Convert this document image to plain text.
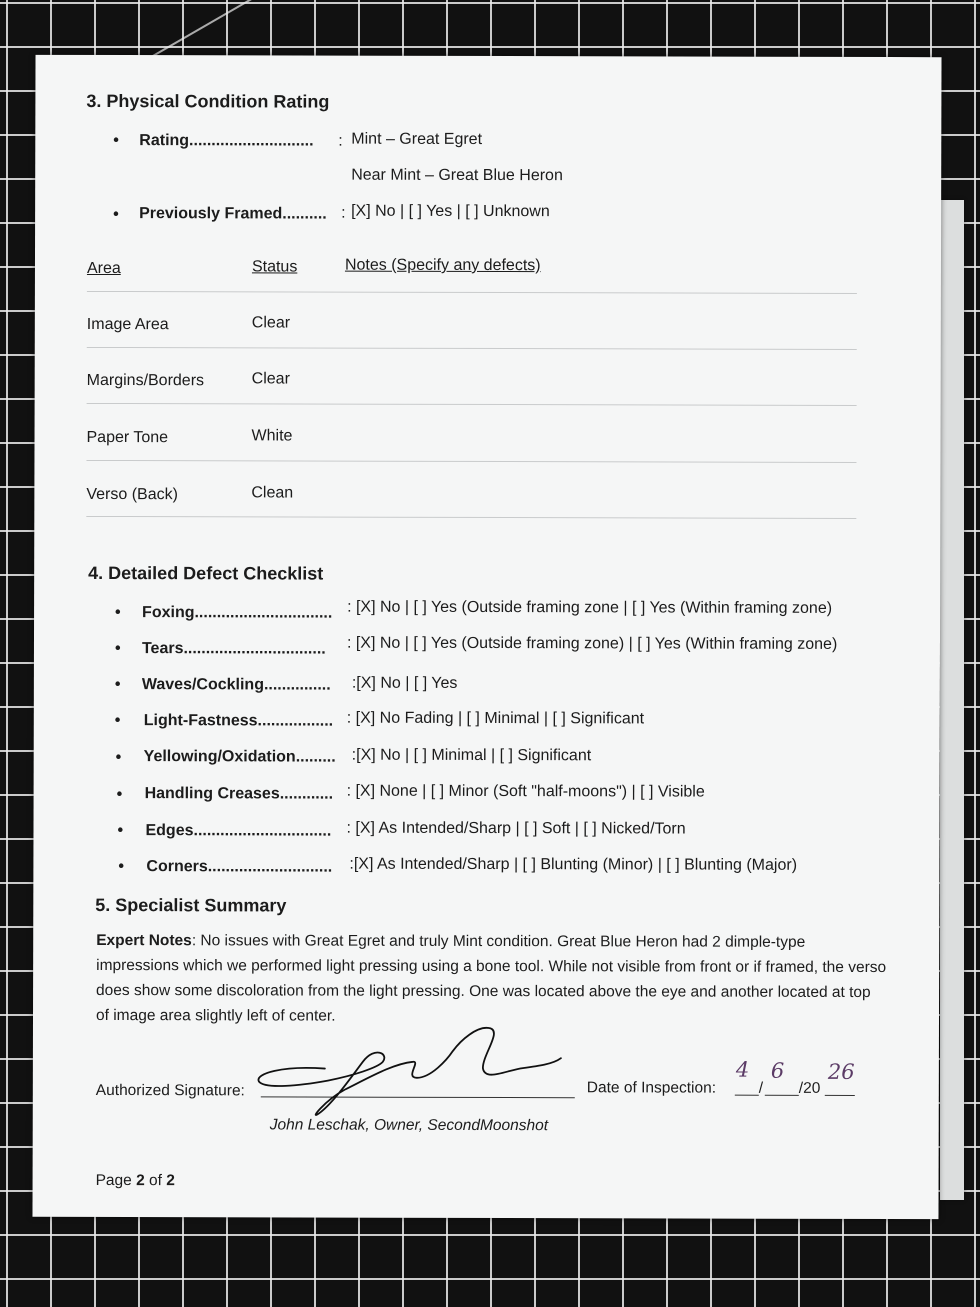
3. Physical Condition Rating
• Rating............................ : Mint – Great Egret
Near Mint – Great Blue Heron
• Previously Framed.......... : [X] No | [ ] Yes | [ ] Unknown
Area	Status	Notes (Specify any defects)
Image Area	Clear
Margins/Borders	Clear
Paper Tone	White
Verso (Back)	Clean
4. Detailed Defect Checklist
• Foxing............................... : [X] No | [ ] Yes (Outside framing zone | [ ] Yes (Within framing zone)
• Tears................................ : [X] No | [ ] Yes (Outside framing zone) | [ ] Yes (Within framing zone)
• Waves/Cockling............... :[X] No | [ ] Yes
• Light-Fastness................. : [X] No Fading | [ ] Minimal | [ ] Significant
• Yellowing/Oxidation......... :[X] No | [ ] Minimal | [ ] Significant
• Handling Creases............ : [X] None | [ ] Minor (Soft "half-moons") | [ ] Visible
• Edges............................... : [X] As Intended/Sharp | [ ] Soft | [ ] Nicked/Torn
• Corners............................ :[X] As Intended/Sharp | [ ] Blunting (Minor) | [ ] Blunting (Major)
5. Specialist Summary
Expert Notes: No issues with Great Egret and truly Mint condition. Great Blue Heron had 2 dimple-type impressions which we performed light pressing using a bone tool. While not visible from front or if framed, the verso does show some discoloration from the light pressing. One was located above the eye and another located at top of image area slightly left of center.
Authorized Signature:
John Leschak, Owner, SecondMoonshot
Date of Inspection:	/ /20
4 6 26
Page 2 of 2
